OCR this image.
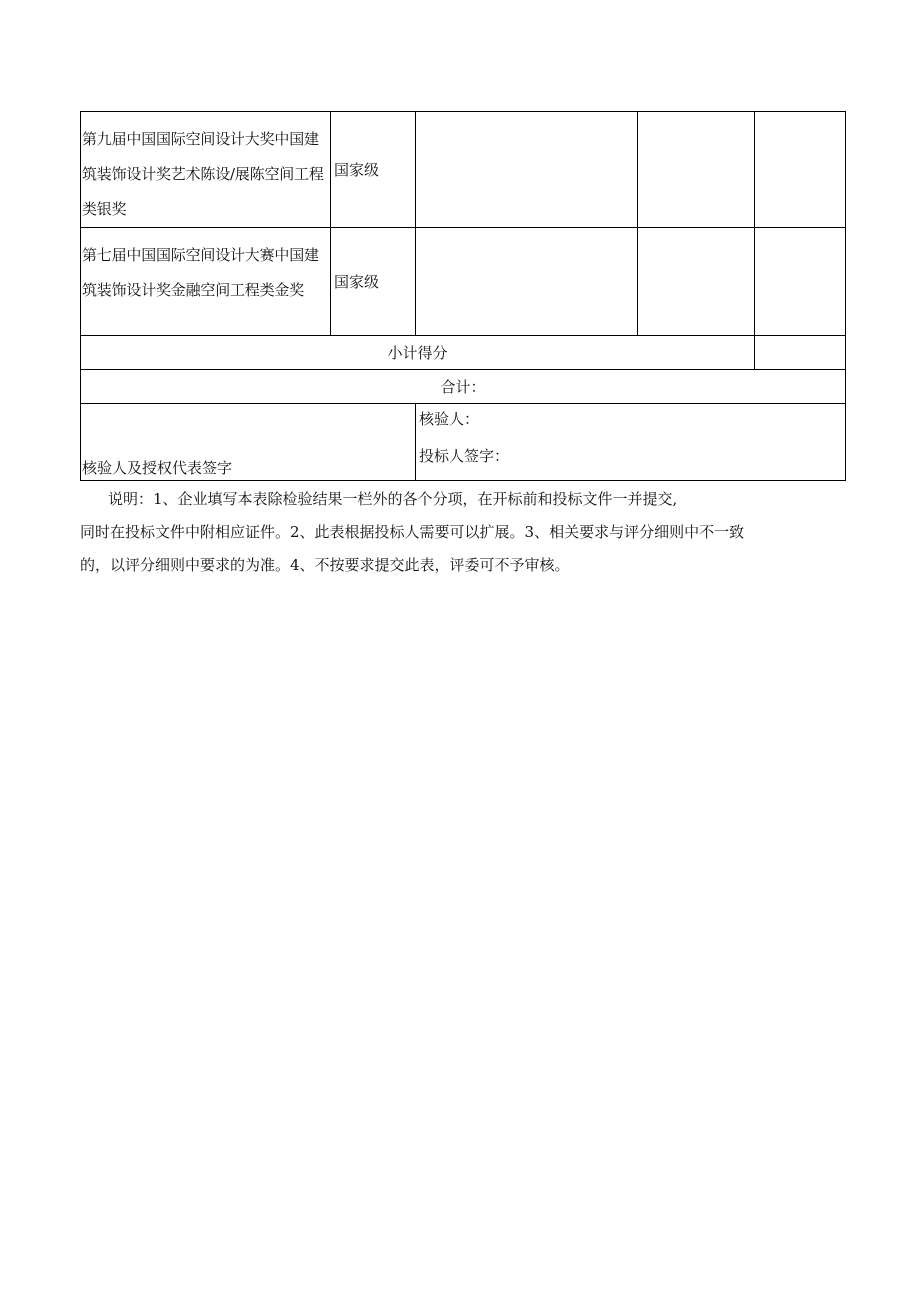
第九届中国国际空间设计大奖中国建筑装饰设计奖艺术陈设/展陈空间工程类银奖	国家级			
第七届中国国际空间设计大赛中国建筑装饰设计奖金融空间工程类金奖	国家级			
小计得分				
合计：				
核验人及授权代表签字		核验人：
投标人签字：		
说明：1、企业填写本表除检验结果一栏外的各个分项，在开标前和投标文件一并提交,
同时在投标文件中附相应证件。2、此表根据投标人需要可以扩展。3、相关要求与评分细则中不一致
的，以评分细则中要求的为准。4、不按要求提交此表，评委可不予审核。
